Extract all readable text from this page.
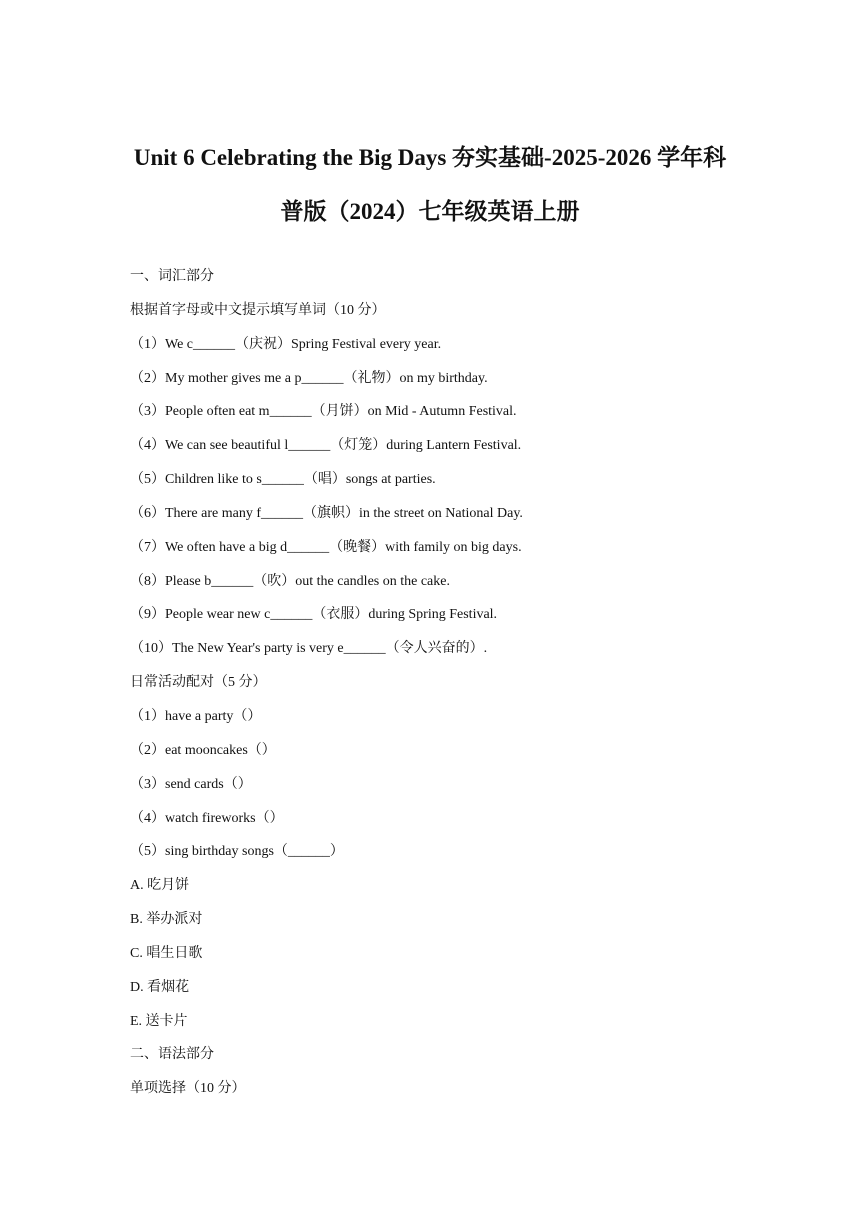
Unit 6 Celebrating the Big Days 夯实基础-2025-2026 学年科
普版（2024）七年级英语上册
一、词汇部分
根据首字母或中文提示填写单词（10 分）
（1）We c______（庆祝）Spring Festival every year.
（2）My mother gives me a p______（礼物）on my birthday.
（3）People often eat m______（月饼）on Mid - Autumn Festival.
（4）We can see beautiful l______（灯笼）during Lantern Festival.
（5）Children like to s______（唱）songs at parties.
（6）There are many f______（旗帜）in the street on National Day.
（7）We often have a big d______（晚餐）with family on big days.
（8）Please b______（吹）out the candles on the cake.
（9）People wear new c______（衣服）during Spring Festival.
（10）The New Year's party is very e______（令人兴奋的）.
日常活动配对（5 分）
（1）have a party（）
（2）eat mooncakes（）
（3）send cards（）
（4）watch fireworks（）
（5）sing birthday songs（______）
A. 吃月饼
B. 举办派对
C. 唱生日歌
D. 看烟花
E. 送卡片
二、语法部分
单项选择（10 分）
